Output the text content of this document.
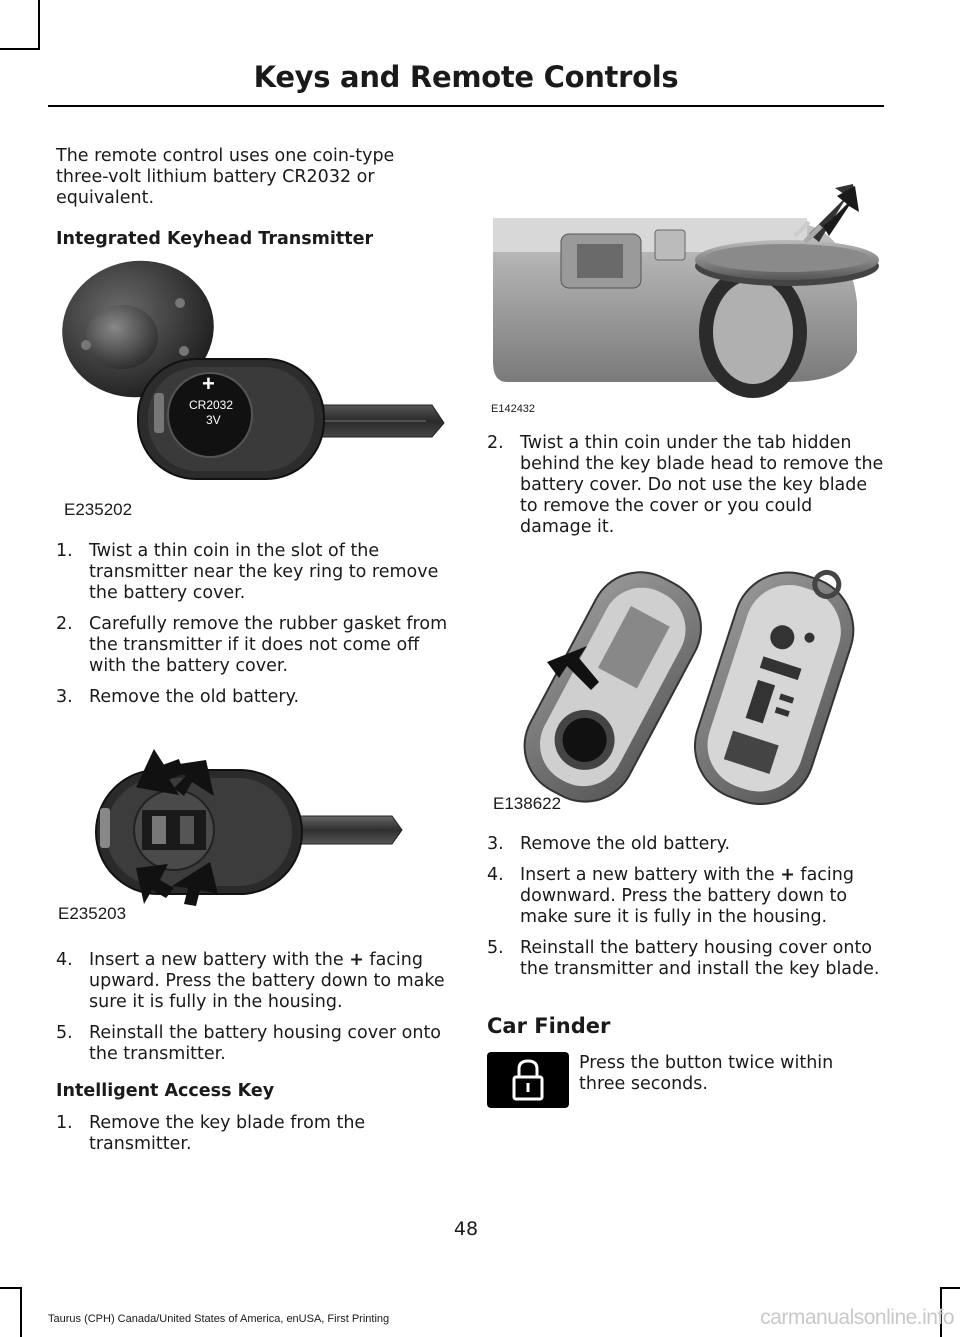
Keys and Remote Controls

The remote control uses one coin-type three-volt lithium battery CR2032 or equivalent.

Integrated Keyhead Transmitter
+
CR2032
3V
E235202
1. Twist a thin coin in the slot of the transmitter near the key ring to remove the battery cover.
2. Carefully remove the rubber gasket from the transmitter if it does not come off with the battery cover.
3. Remove the old battery.
E235203
4. Insert a new battery with the + facing upward. Press the battery down to make sure it is fully in the housing.
5. Reinstall the battery housing cover onto the transmitter.
Intelligent Access Key
1. Remove the key blade from the transmitter.
E142432
2. Twist a thin coin under the tab hidden behind the key blade head to remove the battery cover. Do not use the key blade to remove the cover or you could damage it.
E138622
3. Remove the old battery.
4. Insert a new battery with the + facing downward. Press the battery down to make sure it is fully in the housing.
5. Reinstall the battery housing cover onto the transmitter and install the key blade.
Car Finder

Press the button twice within three seconds.

48
Taurus (CPH) Canada/United States of America, enUSA, First Printing	carmanualsonline.info
